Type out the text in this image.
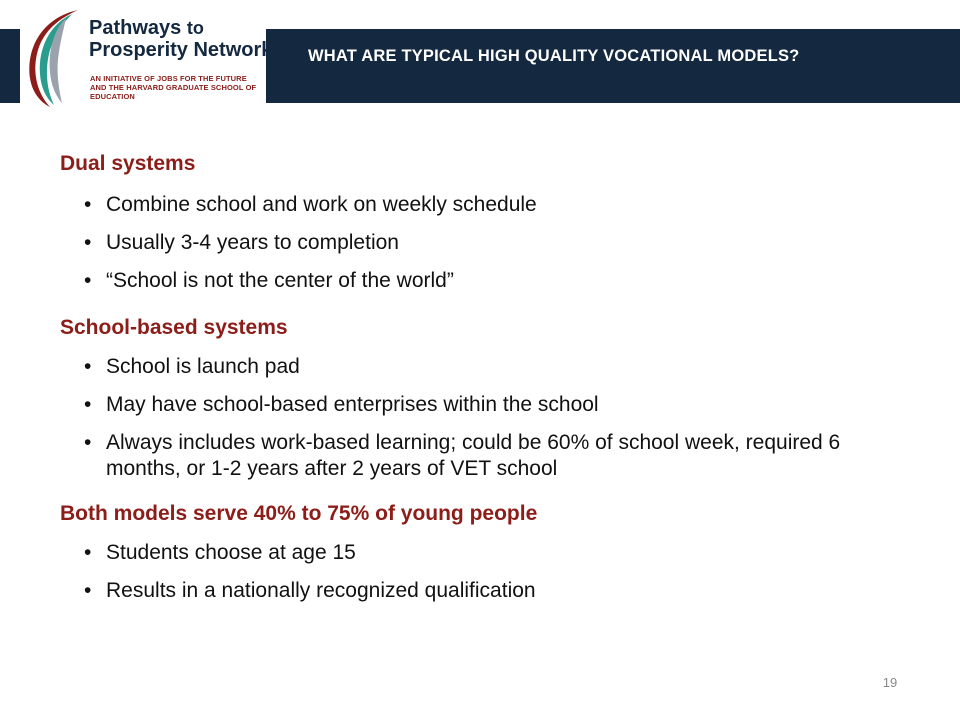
Pathways to
Prosperity Network
AN INITIATIVE OF JOBS FOR THE FUTURE AND THE HARVARD GRADUATE SCHOOL OF EDUCATION
WHAT ARE TYPICAL HIGH QUALITY VOCATIONAL MODELS?

Dual systems

• Combine school and work on weekly schedule
• Usually 3-4 years to completion
• “School is not the center of the world”

School-based systems

• School is launch pad
• May have school-based enterprises within the school
• Always includes work-based learning; could be 60% of school week, required 6 months, or 1-2 years after 2 years of VET school

Both models serve 40% to 75% of young people

• Students choose at age 15
• Results in a nationally recognized qualification
19
